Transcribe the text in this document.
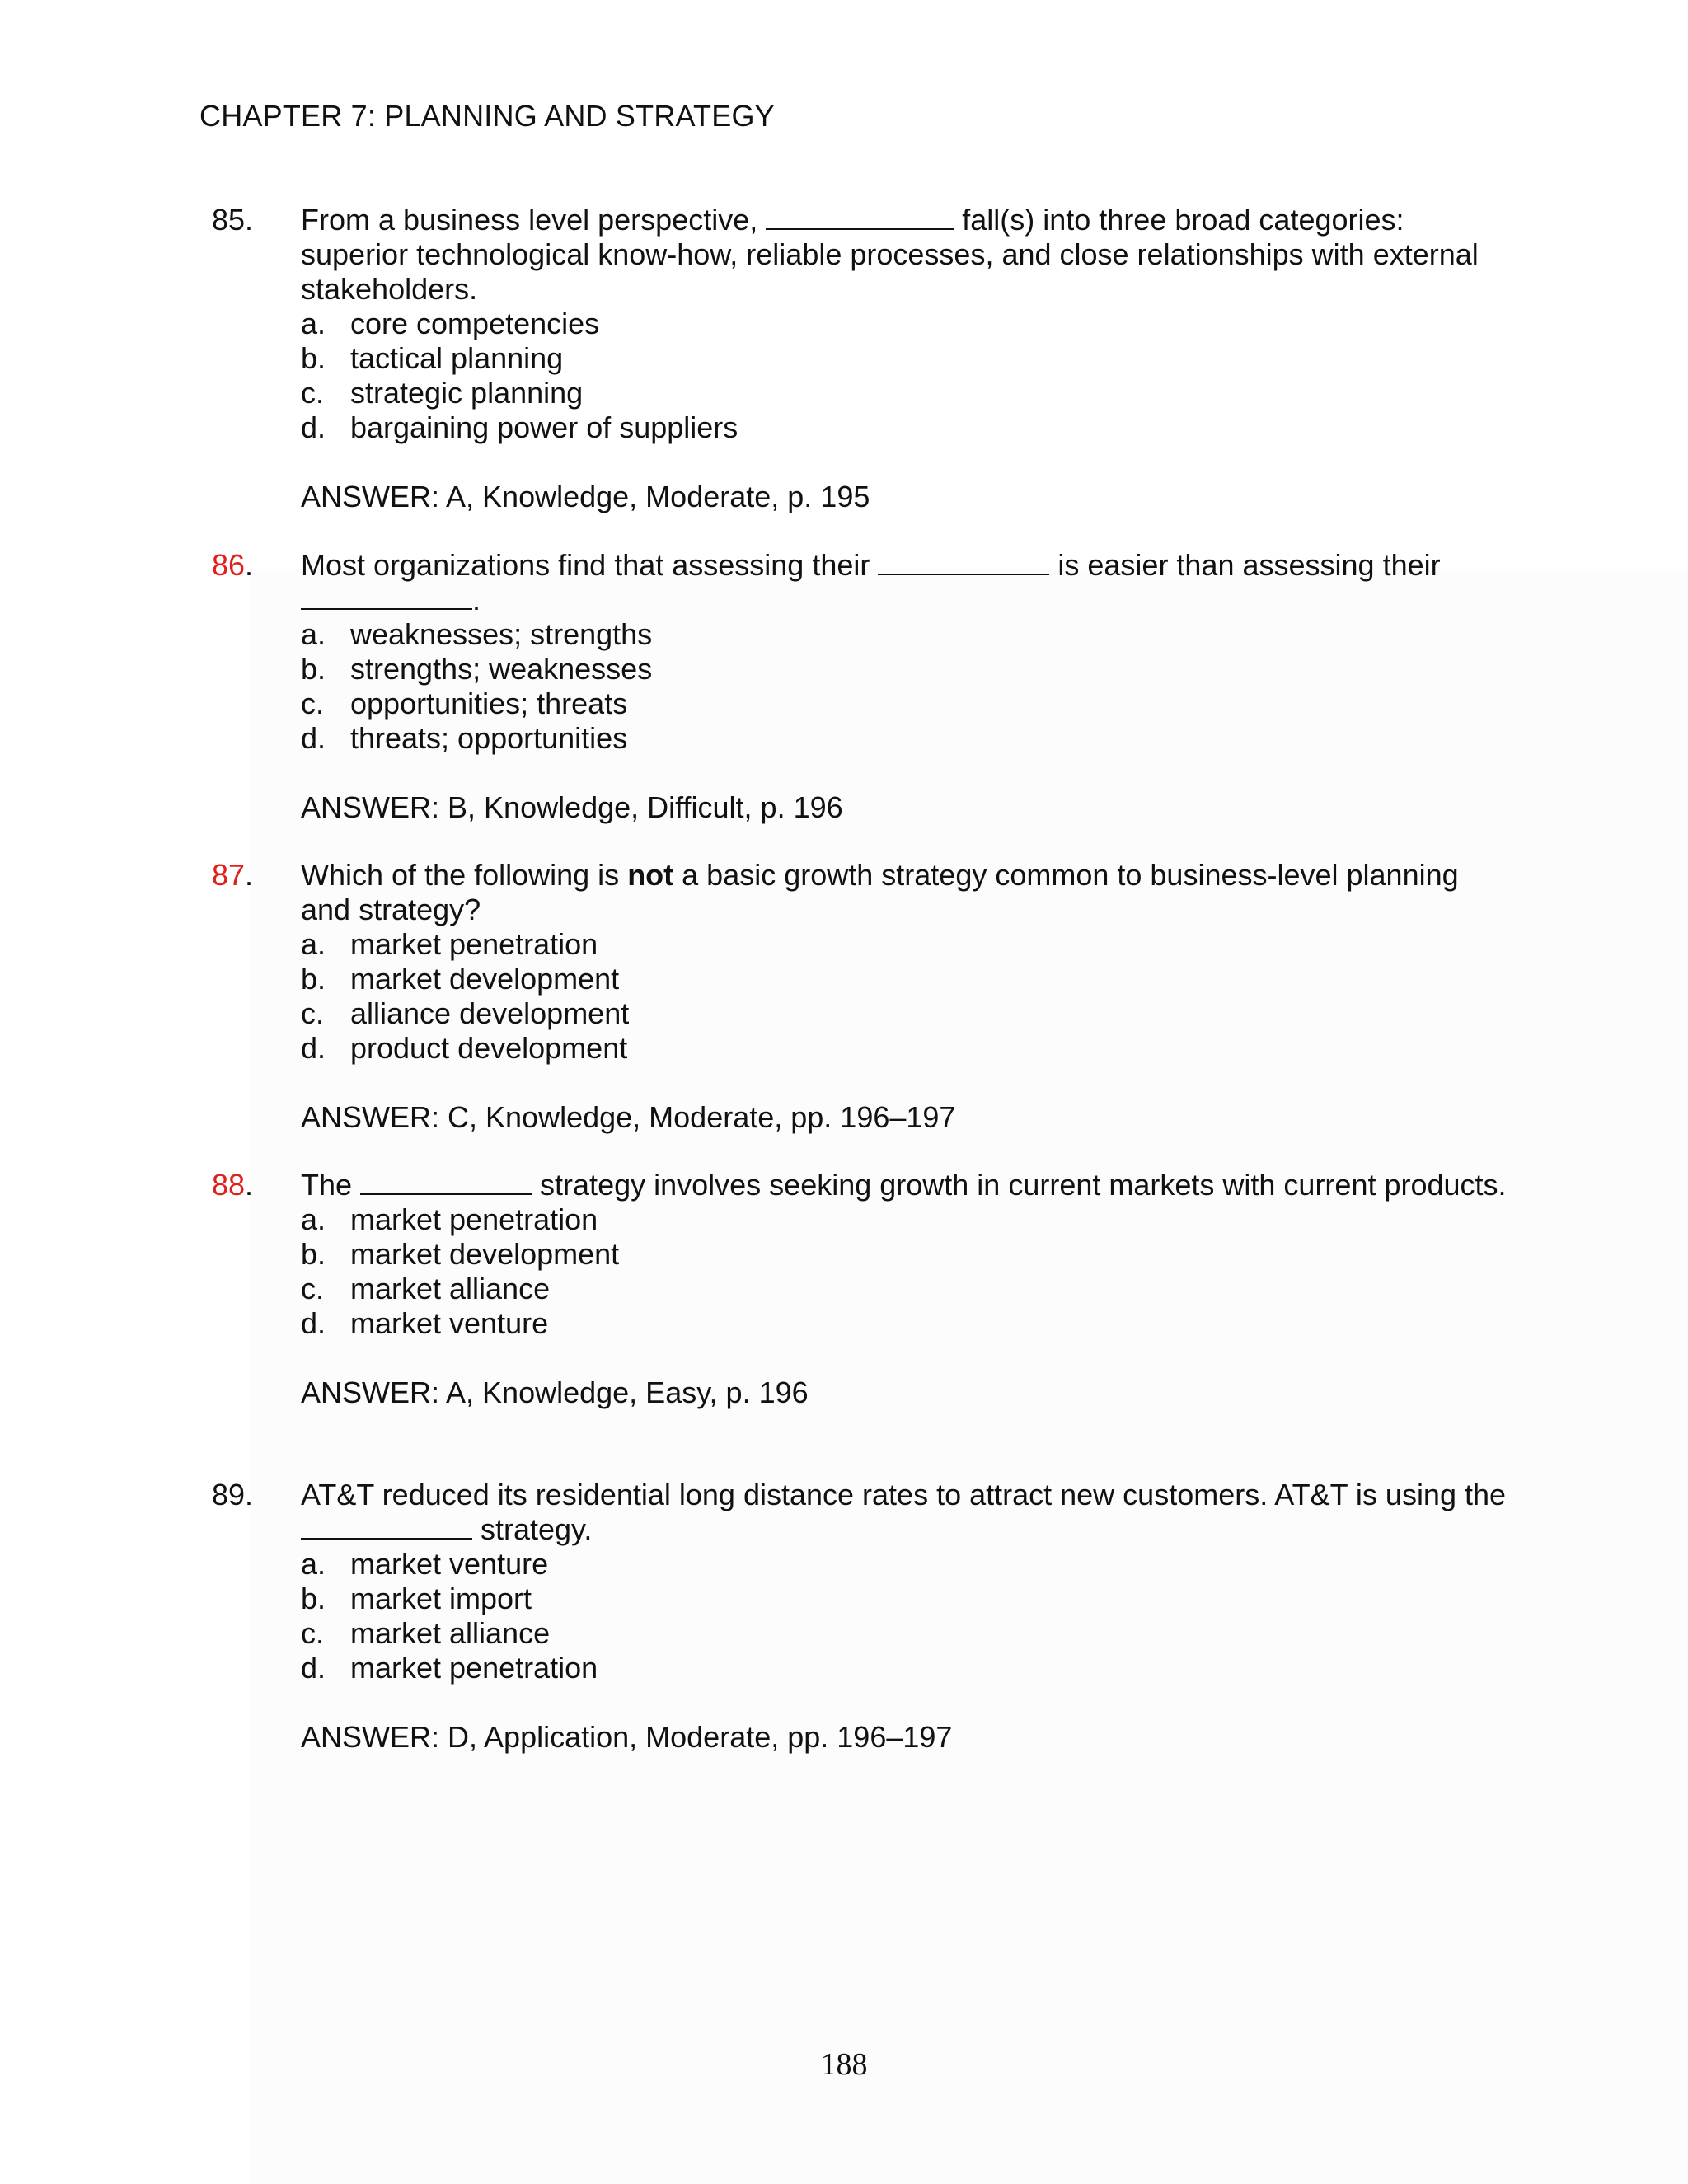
CHAPTER 7: PLANNING AND STRATEGY
85. From a business level perspective,	fall(s) into three broad categories: superior technological know-how, reliable processes, and close relationships with external stakeholders.

a. core competencies
b. tactical planning
c. strategic planning
d. bargaining power of suppliers
ANSWER: A, Knowledge, Moderate, p. 195
86. Most organizations find that assessing their	is easier than assessing their .

a. weaknesses; strengths
b. strengths; weaknesses
c. opportunities; threats
d. threats; opportunities
ANSWER: B, Knowledge, Difficult, p. 196
87. Which of the following is not a basic growth strategy common to business-level planning and strategy?

a. market penetration
b. market development
c. alliance development
d. product development
ANSWER: C, Knowledge, Moderate, pp. 196–197
88. The	strategy involves seeking growth in current markets with current products.

a. market penetration
b. market development
c. market alliance
d. market venture
ANSWER: A, Knowledge, Easy, p. 196
89. AT&T reduced its residential long distance rates to attract new customers. AT&T is using the  strategy.

a. market venture
b. market import
c. market alliance
d. market penetration
ANSWER: D, Application, Moderate, pp. 196–197
188
